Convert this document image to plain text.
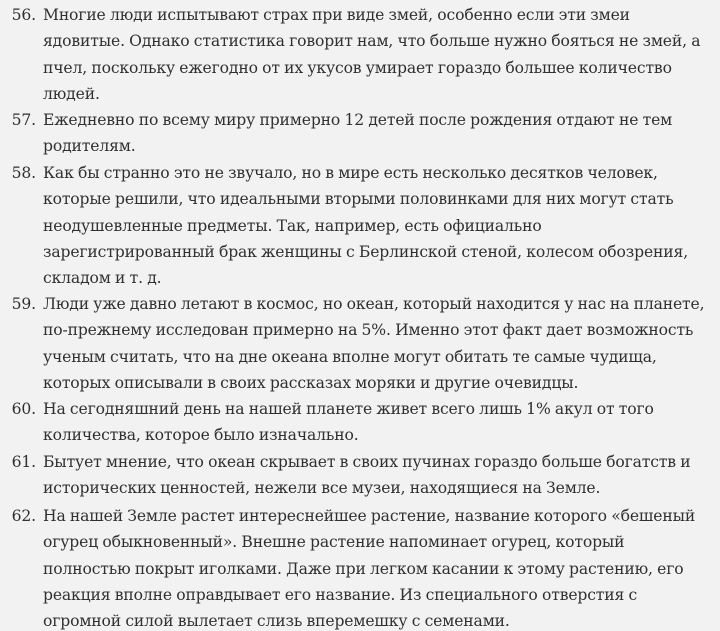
56. Многие люди испытывают страх при виде змей, особенно если эти змеи
ядовитые. Однако статистика говорит нам, что больше нужно бояться не змей, а
пчел, поскольку ежегодно от их укусов умирает гораздо большее количество
людей.
57. Ежедневно по всему миру примерно 12 детей после рождения отдают не тем
родителям.
58. Как бы странно это не звучало, но в мире есть несколько десятков человек,
которые решили, что идеальными вторыми половинками для них могут стать
неодушевленные предметы. Так, например, есть официально
зарегистрированный брак женщины с Берлинской стеной, колесом обозрения,
складом и т. д.
59. Люди уже давно летают в космос, но океан, который находится у нас на планете,
по-прежнему исследован примерно на 5%. Именно этот факт дает возможность
ученым считать, что на дне океана вполне могут обитать те самые чудища,
которых описывали в своих рассказах моряки и другие очевидцы.
60. На сегодняшний день на нашей планете живет всего лишь 1% акул от того
количества, которое было изначально.
61. Бытует мнение, что океан скрывает в своих пучинах гораздо больше богатств и
исторических ценностей, нежели все музеи, находящиеся на Земле.
62. На нашей Земле растет интереснейшее растение, название которого «бешеный
огурец обыкновенный». Внешне растение напоминает огурец, который
полностью покрыт иголками. Даже при легком касании к этому растению, его
реакция вполне оправдывает его название. Из специального отверстия с
огромной силой вылетает слизь вперемешку с семенами.
